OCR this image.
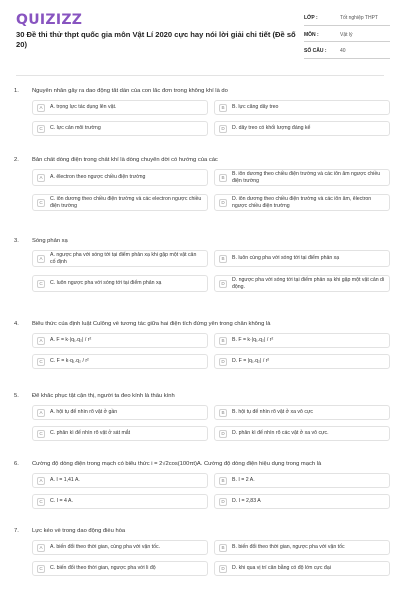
QUIZIZZ
30 Đề thi thử thpt quốc gia môn Vật Lí 2020 cực hay nói lời giải chi tiết (Đề số 20)
LỚP :	Tốt nghiệp THPT
MÔN :	Vật lý
SỐ CÂU :	40
1. Nguyên nhân gây ra dao động tắt dần của con lắc đơn trong không khí là do
A	A. trọng lực tác dụng lên vật.	B	B. lực căng dây treo
C	C. lực cản môi trường	D	D. dây treo có khối lượng đáng kể
2. Bản chất dòng điện trong chất khí là dòng chuyển dời có hướng của các
A	A. êlectron theo ngược chiều điện trường	B
B. iôn dương theo chiều điện trường và các iôn âm ngược chiều điện trường
C
C. iôn dương theo chiều điện trường và các electron ngược chiều điện trường	D
D. iôn dương theo chiều điện trường và các iôn âm, êlectron ngược chiều điện trường
3. Sóng phản xạ
A
A. ngược pha với sóng tới tại điểm phản xạ khi gặp một vật cản cố định	B	B. luôn cùng pha với sóng tới tại điểm phản xạ
C	C. luôn ngược pha với sóng tới tại điểm phản xạ	D
D. ngược pha với sóng tới tại điểm phản xạ khi gặp một vật cản di động.
4. Biểu thức của định luật Culông về tương tác giữa hai điện tích đứng yên trong chân không là
A	A. F = k·|q₁.q₂| / r²	B	B. F = k·|q₁.q₂| / r²
C	C. F = k·q₁.q₂ / r²	D	D. F = |q₁.q₂| / r²
5. Để khắc phục tật cận thị, người ta đeo kính là thấu kính
A	A. hội tụ để nhìn rõ vật ở gần	B	B. hội tụ để nhìn rõ vật ở xa vô cực
C	C. phân kì để nhìn rõ vật ở sát mắt	D	D. phân kì để nhìn rõ các vật ở xa vô cực.
6. Cường độ dòng điện trong mạch có biểu thức i = 2√2cos(100πt)A. Cường độ dòng điện hiệu dụng trong mạch là
A	A. I = 1,41 A.	B	B. I = 2 A.
C	C. I = 4 A.	D	D. I = 2,83 A
7. Lực kéo về trong dao động điều hòa
A	A. biến đổi theo thời gian, cùng pha với vận tốc.	B	B. biến đổi theo thời gian, ngược pha với vận tốc
C	C. biến đổi theo thời gian, ngược pha với li độ	D	D. khi qua vị trí cân bằng có độ lớn cực đại
